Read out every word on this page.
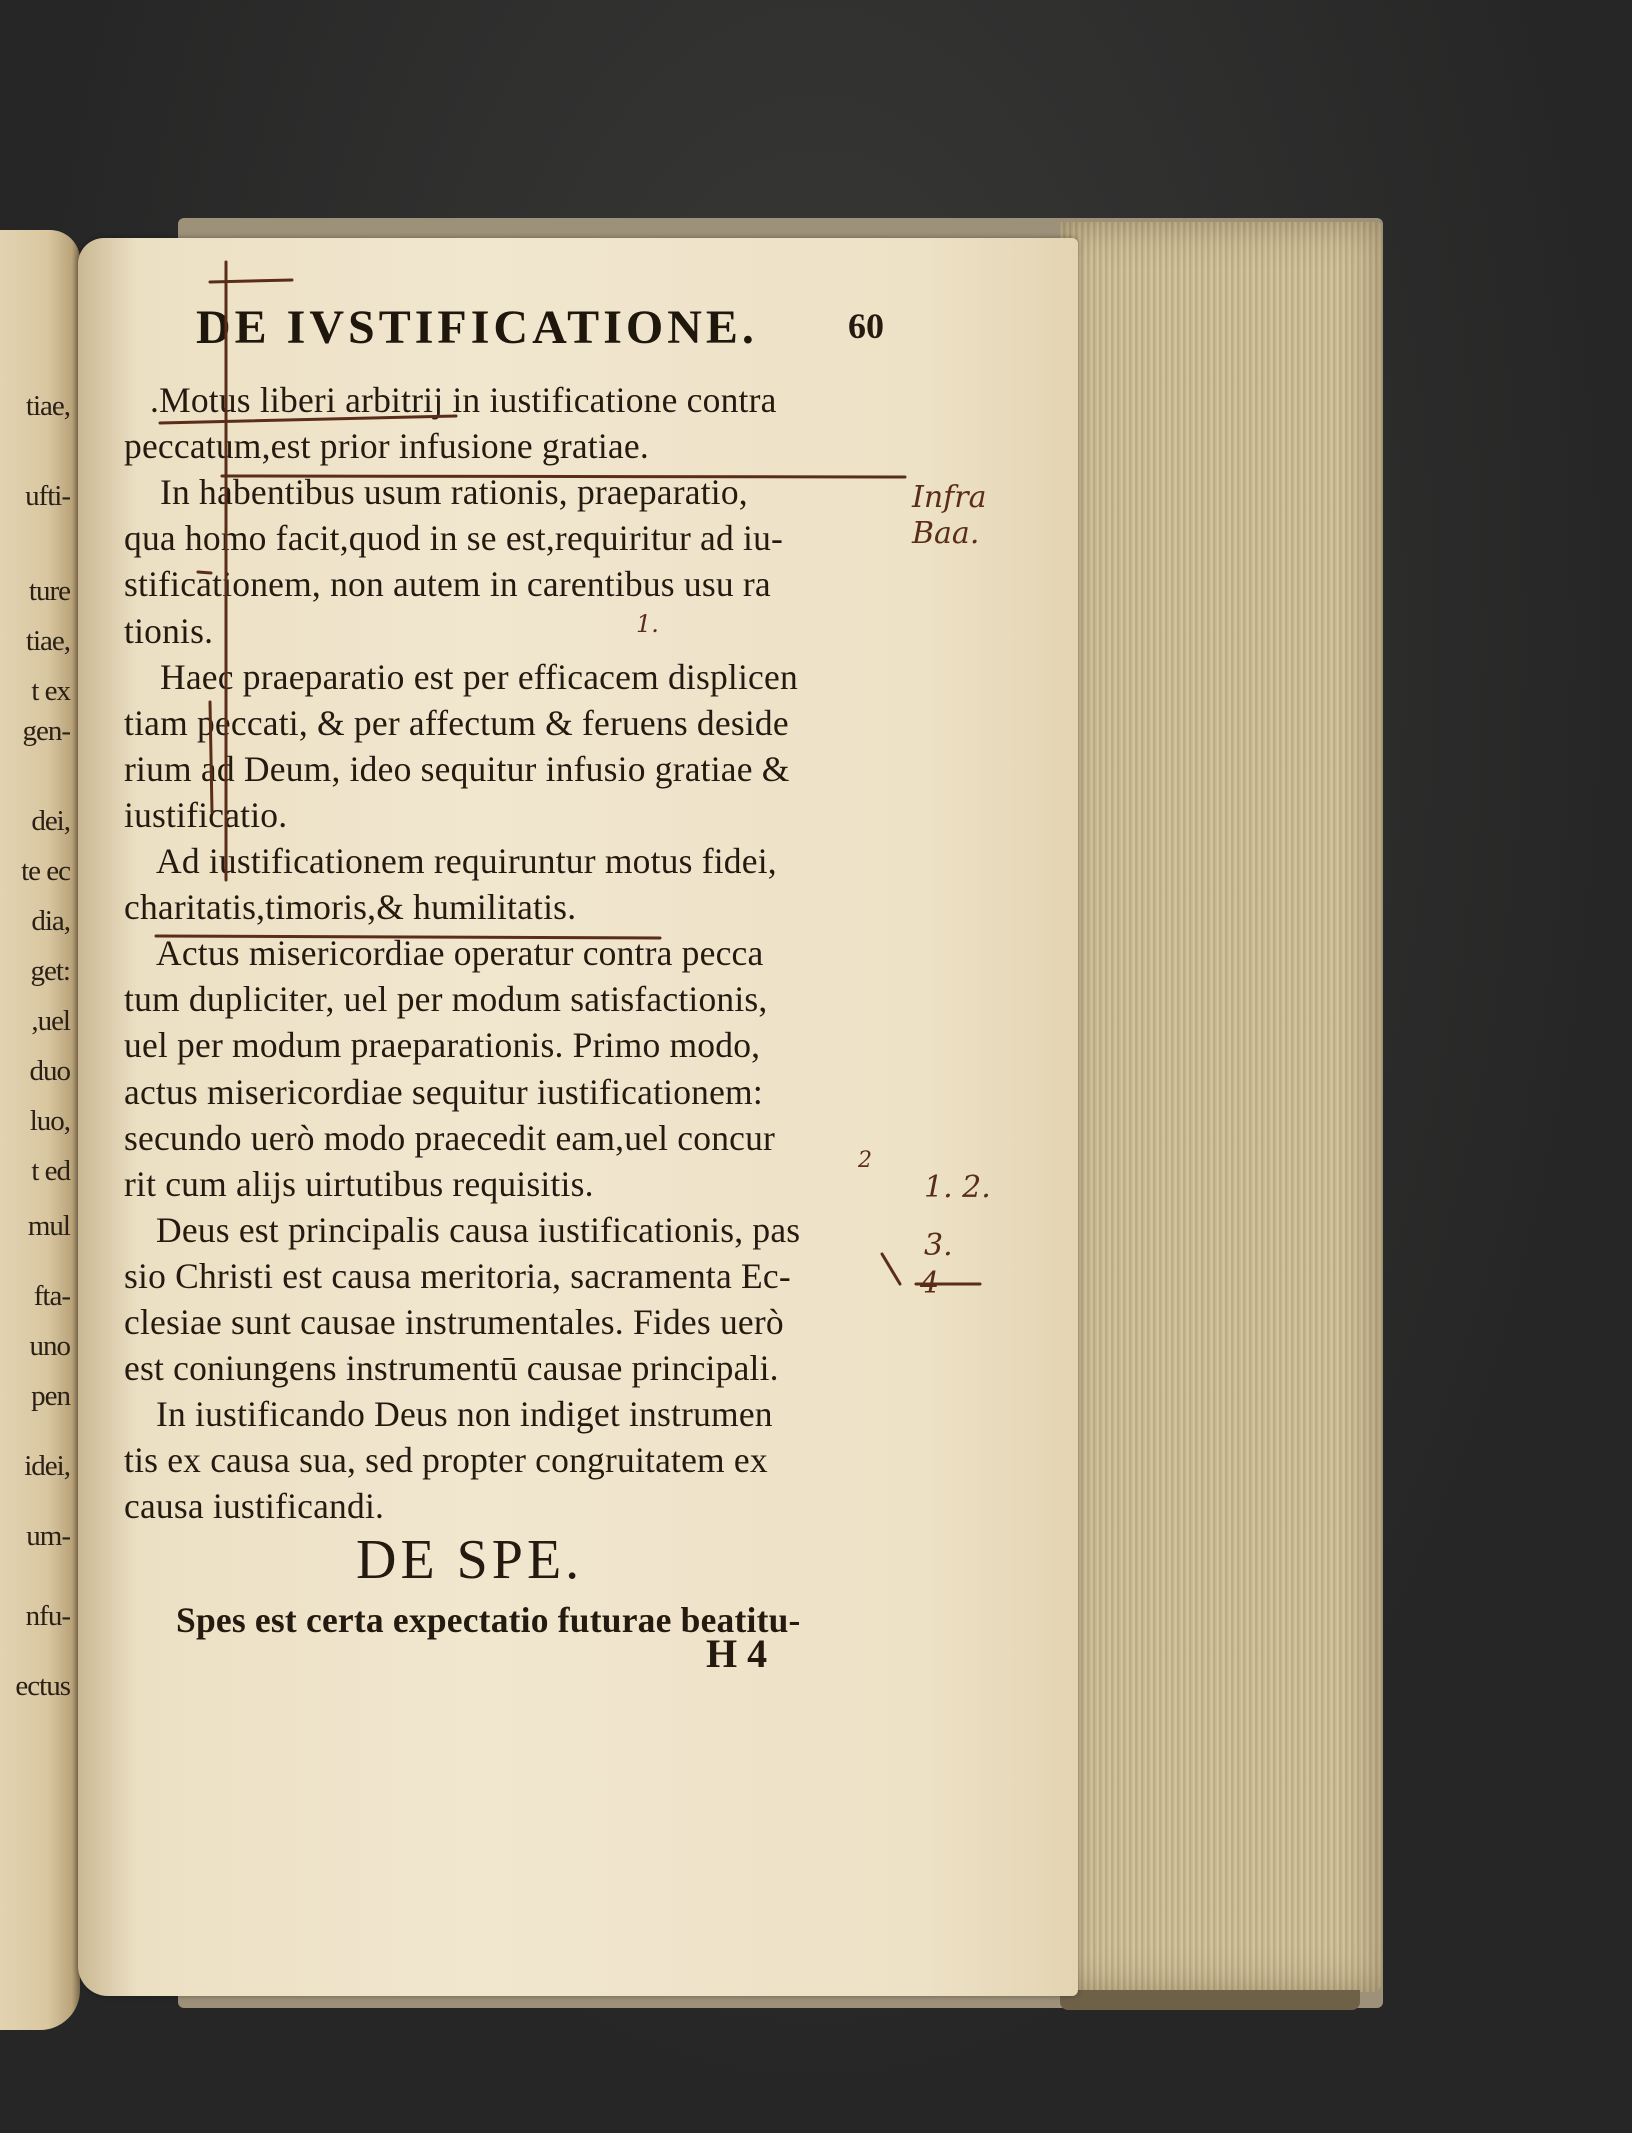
tiae,
ufti-
ture
tiae,
t ex
gen-
dei,
te ec
dia,
get:
,uel
duo
luo,
t ed
mul
fta-
uno
pen
idei,
um-
nfu-
ectus
DE IVSTIFICATIONE.	60
.Motus liberi arbitrij in iustificatione contra
peccatum,est prior infusione gratiae.
In habentibus usum rationis, praeparatio,
qua homo facit,quod in se est,requiritur ad iu-
stificationem, non autem in carentibus usu ra
tionis.
Haec praeparatio est per efficacem displicen
tiam peccati, & per affectum & feruens deside
rium ad Deum, ideo sequitur infusio gratiae &
iustificatio.
Ad iustificationem requiruntur motus fidei,
charitatis,timoris,& humilitatis.
Actus misericordiae operatur contra pecca
tum dupliciter, uel per modum satisfactionis,
uel per modum praeparationis. Primo modo,
actus misericordiae sequitur iustificationem:
secundo uerò modo praecedit eam,uel concur
rit cum alijs uirtutibus requisitis.
Deus est principalis causa iustificationis, pas
sio Christi est causa meritoria, sacramenta Ec-
clesiae sunt causae instrumentales. Fides uerò
est coniungens instrumentū causae principali.
In iustificando Deus non indiget instrumen
tis ex causa sua, sed propter congruitatem ex
causa iustificandi.
DE SPE.
Spes est certa expectatio futurae beatitu-
H 4
Infra
Baa.
1. 2.
3.
4
1.
2
